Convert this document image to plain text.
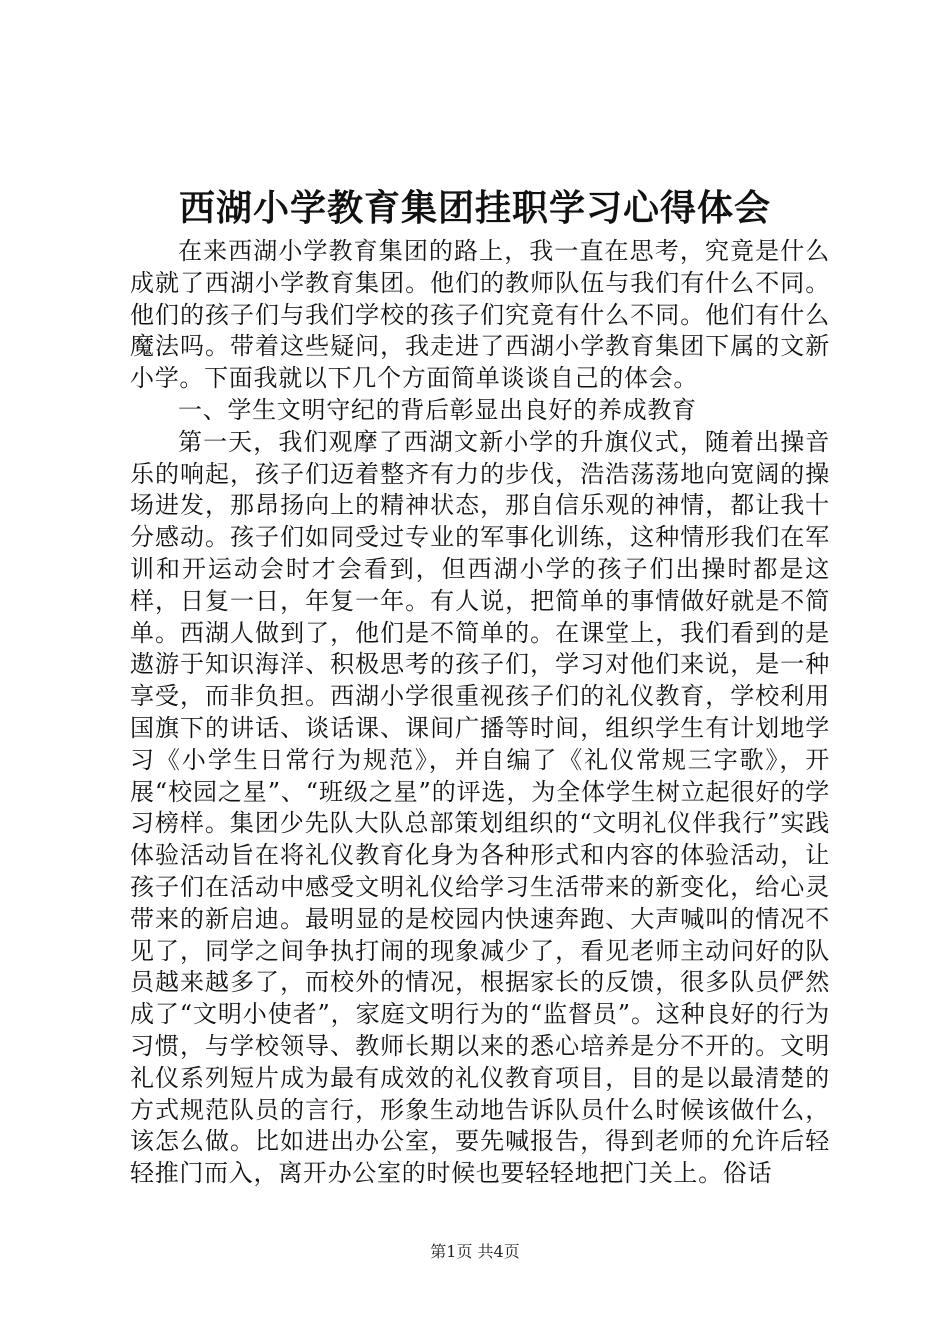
西湖小学教育集团挂职学习心得体会

在来西湖小学教育集团的路上，我一直在思考，究竟是什么成就了西湖小学教育集团。他们的教师队伍与我们有什么不同。他们的孩子们与我们学校的孩子们究竟有什么不同。他们有什么魔法吗。带着这些疑问，我走进了西湖小学教育集团下属的文新小学。下面我就以下几个方面简单谈谈自己的体会。

一、学生文明守纪的背后彰显出良好的养成教育

第一天，我们观摩了西湖文新小学的升旗仪式，随着出操音乐的响起，孩子们迈着整齐有力的步伐，浩浩荡荡地向宽阔的操场进发，那昂扬向上的精神状态，那自信乐观的神情，都让我十分感动。孩子们如同受过专业的军事化训练，这种情形我们在军训和开运动会时才会看到，但西湖小学的孩子们出操时都是这样，日复一日，年复一年。有人说，把简单的事情做好就是不简单。西湖人做到了，他们是不简单的。在课堂上，我们看到的是遨游于知识海洋、积极思考的孩子们，学习对他们来说，是一种享受，而非负担。西湖小学很重视孩子们的礼仪教育，学校利用国旗下的讲话、谈话课、课间广播等时间，组织学生有计划地学习《小学生日常行为规范》，并自编了《礼仪常规三字歌》，开展“校园之星”、“班级之星”的评选，为全体学生树立起很好的学习榜样。集团少先队大队总部策划组织的“文明礼仪伴我行”实践体验活动旨在将礼仪教育化身为各种形式和内容的体验活动，让孩子们在活动中感受文明礼仪给学习生活带来的新变化，给心灵带来的新启迪。最明显的是校园内快速奔跑、大声喊叫的情况不见了，同学之间争执打闹的现象减少了，看见老师主动问好的队员越来越多了，而校外的情况，根据家长的反馈，很多队员俨然成了“文明小使者”，家庭文明行为的“监督员”。这种良好的行为习惯，与学校领导、教师长期以来的悉心培养是分不开的。文明礼仪系列短片成为最有成效的礼仪教育项目，目的是以最清楚的方式规范队员的言行，形象生动地告诉队员什么时候该做什么，该怎么做。比如进出办公室，要先喊报告，得到老师的允许后轻轻推门而入，离开办公室的时候也要轻轻地把门关上。俗话

第1页 共4页
